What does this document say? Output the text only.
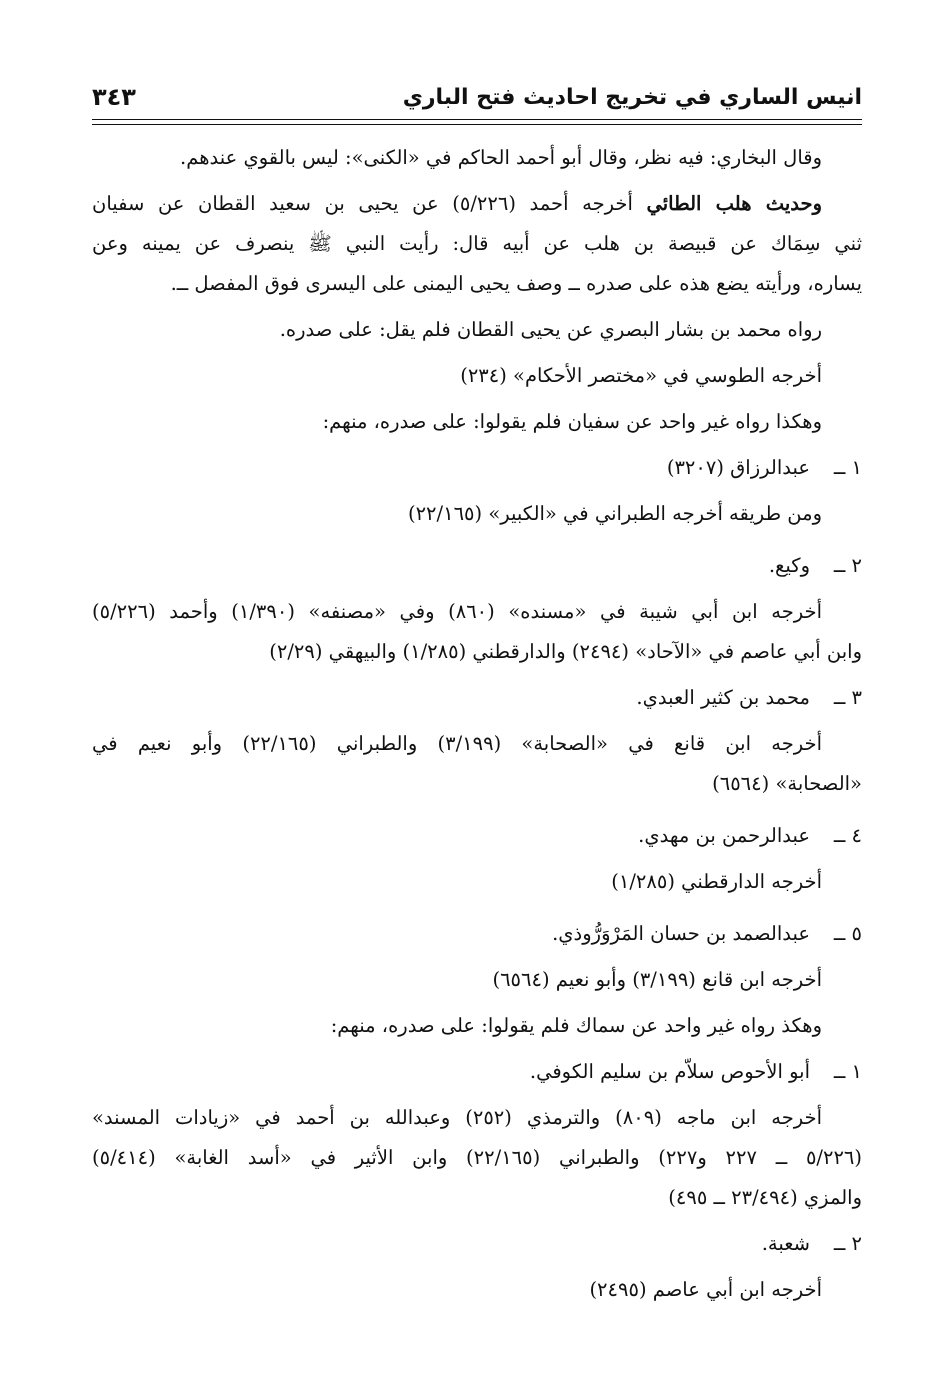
انيس الساري في تخريج احاديث فتح الباري
٣٤٣
وقال البخاري: فيه نظر، وقال أبو أحمد الحاكم في «الكنى»: ليس بالقوي عندهم.
وحديث هلب الطائي أخرجه أحمد (٥/٢٢٦) عن يحيى بن سعيد القطان عن سفيان
ثني سِمَاك عن قبيصة بن هلب عن أبيه قال: رأيت النبي ﷺ ينصرف عن يمينه وعن
يساره، ورأيته يضع هذه على صدره ــ وصف يحيى اليمنى على اليسرى فوق المفصل ــ.
رواه محمد بن بشار البصري عن يحيى القطان فلم يقل: على صدره.
أخرجه الطوسي في «مختصر الأحكام» (٢٣٤)
وهكذا رواه غير واحد عن سفيان فلم يقولوا: على صدره، منهم:
١ ــعبدالرزاق (٣٢٠٧)
ومن طريقه أخرجه الطبراني في «الكبير» (٢٢/١٦٥)
٢ ــوكيع.
أخرجه ابن أبي شيبة في «مسنده» (٨٦٠) وفي «مصنفه» (١/٣٩٠) وأحمد (٥/٢٢٦)
وابن أبي عاصم في «الآحاد» (٢٤٩٤) والدارقطني (١/٢٨٥) والبيهقي (٢/٢٩)
٣ ــمحمد بن كثير العبدي.
أخرجه ابن قانع في «الصحابة» (٣/١٩٩) والطبراني (٢٢/١٦٥) وأبو نعيم في
«الصحابة» (٦٥٦٤)
٤ ــعبدالرحمن بن مهدي.
أخرجه الدارقطني (١/٢٨٥)
٥ ــعبدالصمد بن حسان المَرْوَرُّوذي.
أخرجه ابن قانع (٣/١٩٩) وأبو نعيم (٦٥٦٤)
وهكذ رواه غير واحد عن سماك فلم يقولوا: على صدره، منهم:
١ ــأبو الأحوص سلاّم بن سليم الكوفي.
أخرجه ابن ماجه (٨٠٩) والترمذي (٢٥٢) وعبدالله بن أحمد في «زيادات المسند»
(٥/٢٢٦ ــ ٢٢٧ و٢٢٧) والطبراني (٢٢/١٦٥) وابن الأثير في «أسد الغابة» (٥/٤١٤)
والمزي (٢٣/٤٩٤ ــ ٤٩٥)
٢ ــشعبة.
أخرجه ابن أبي عاصم (٢٤٩٥)
